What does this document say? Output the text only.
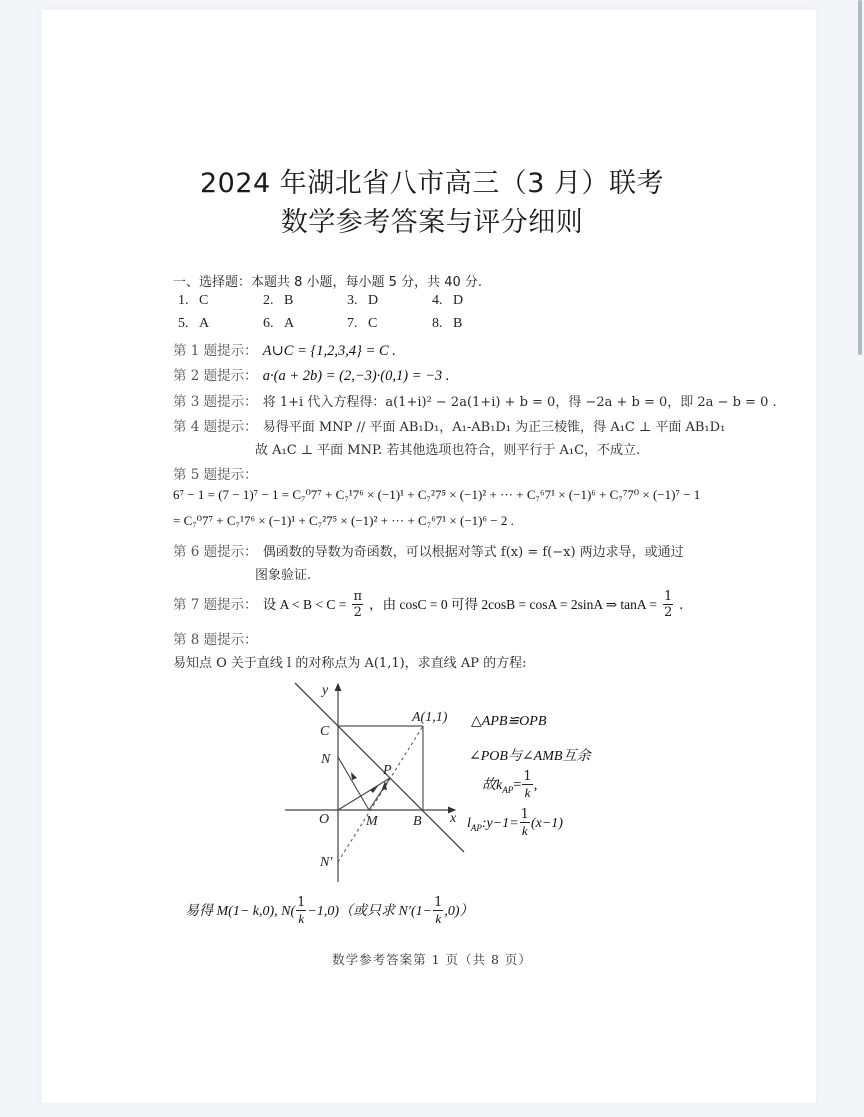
2024 年湖北省八市高三（3 月）联考
数学参考答案与评分细则
一、选择题：本题共 8 小题，每小题 5 分，共 40 分.
1. C	2. B	3. D	4. D
5. A	6. A	7. C	8. B
第 1 题提示： A∪C = {1,2,3,4} = C .
第 2 题提示： a·(a + 2b) = (2,−3)·(0,1) = −3 .
第 3 题提示： 将 1+i 代入方程得：a(1+i)² − 2a(1+i) + b = 0，得 −2a + b = 0，即 2a − b = 0 .
第 4 题提示： 易得平面 MNP // 平面 AB₁D₁，A₁-AB₁D₁ 为正三棱锥，得 A₁C ⊥ 平面 AB₁D₁
故 A₁C ⊥ 平面 MNP. 若其他选项也符合，则平行于 A₁C，不成立.
第 5 题提示：
6⁷ − 1 = (7 − 1)⁷ − 1 = C₇⁰7⁷ + C₇¹7⁶ × (−1)¹ + C₇²7⁵ × (−1)² + ··· + C₇⁶7¹ × (−1)⁶ + C₇⁷7⁰ × (−1)⁷ − 1
= C₇⁰7⁷ + C₇¹7⁶ × (−1)¹ + C₇²7⁵ × (−1)² + ··· + C₇⁶7¹ × (−1)⁶ − 2 .
第 6 题提示： 偶函数的导数为奇函数，可以根据对等式 f(x) = f(−x) 两边求导，或通过
图象验证.
第 7 题提示： 设 $A < B < C = \frac{\pi}{2}$ ，由 cosC = 0 可得 2cosB = cosA = 2sinA ⇒ $\tan A = \frac{1}{2}$ .
第 8 题提示：
易知点 O 关于直线 l 的对称点为 A(1,1)，求直线 AP 的方程:
y
x
C
A(1,1)
N
P
O	M	B
N′
△APB≌OPB
∠POB与∠AMB互余
故$k_{AP}= \frac{1}{k}$ ,
$l_{AP}:y-1= \frac{1}{k} (x-1)$
易得 M(1− k,0), $N( \frac{1}{k} -1,0)$（或只求 $N'(1- \frac{1}{k} ,0)$）
数学参考答案第 1 页（共 8 页）
